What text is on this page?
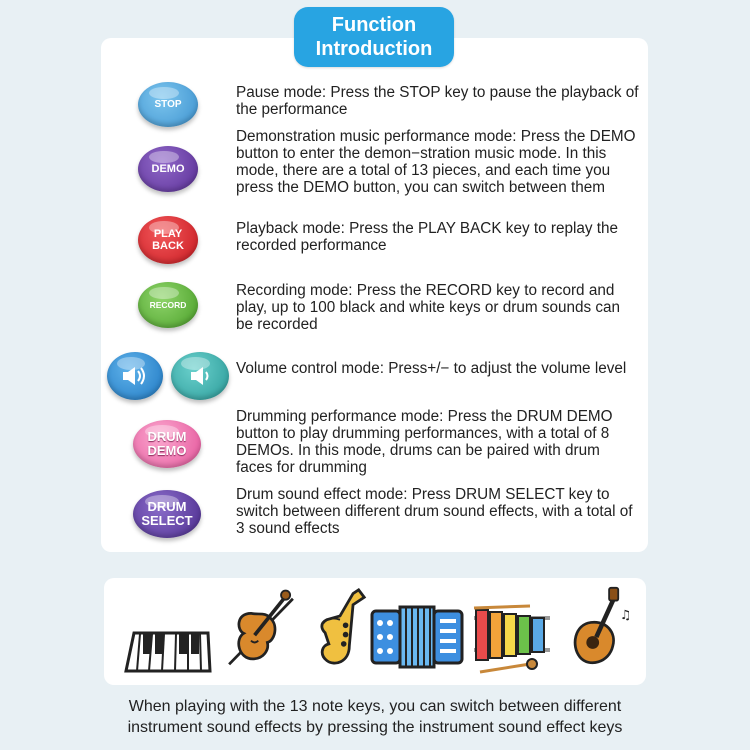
Function
Introduction
STOP
Pause mode: Press the STOP key to pause the playback of the performance
DEMO
Demonstration music performance mode: Press the DEMO button to enter the demon−stration music mode. In this mode, there are a total of 13 pieces, and each time you press the DEMO button, you can switch between them
PLAY
BACK
Playback mode: Press the PLAY BACK key to replay the recorded performance
RECORD
Recording mode: Press the RECORD key to record and play, up to 100 black and white keys or drum sounds can be recorded
Volume control mode: Press+/− to adjust the volume level
DRUM
DEMO
Drumming performance mode: Press the DRUM DEMO button to play drumming performances, with a total of 8 DEMOs. In this mode, drums can be paired with drum faces for drumming
DRUM
SELECT
Drum sound effect mode: Press DRUM SELECT key to switch between different drum sound effects, with a total of 3 sound effects
♫
When playing with the 13 note keys, you can switch between different
instrument sound effects by pressing the instrument sound effect keys
